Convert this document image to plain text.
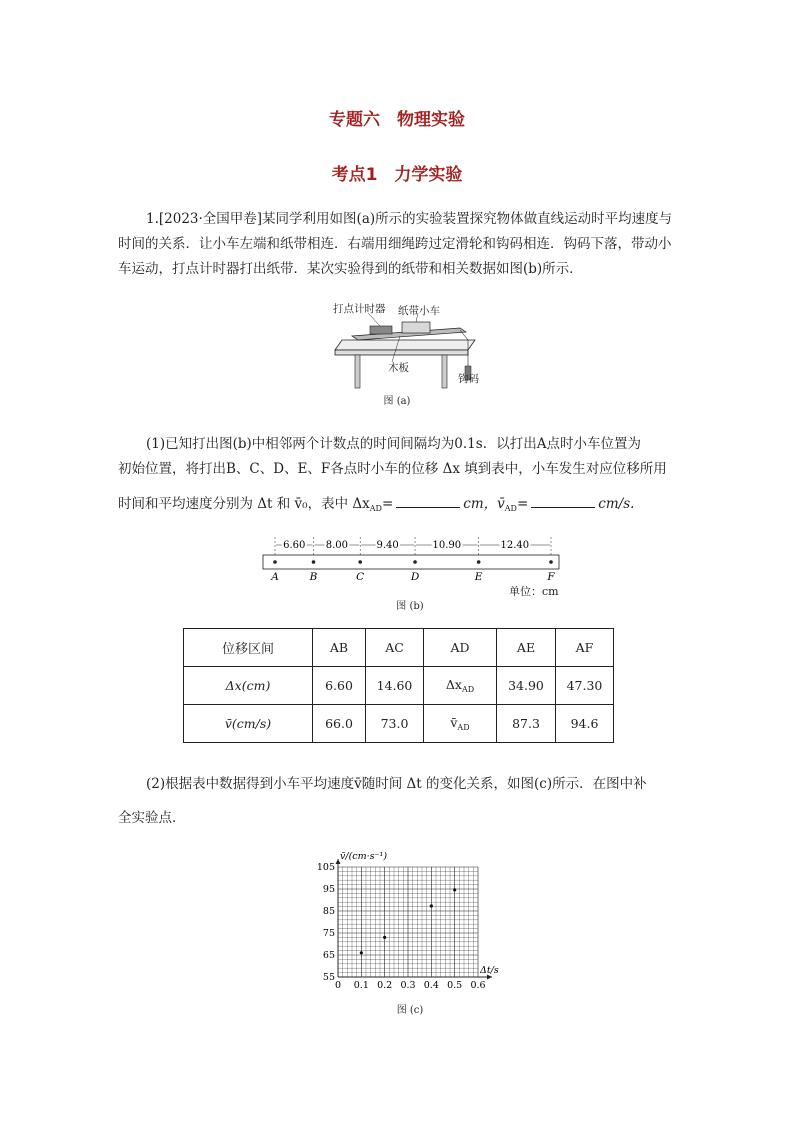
专题六　物理实验
考点1　力学实验
1.[2023·全国甲卷]某同学利用如图(a)所示的实验装置探究物体做直线运动时平均速度与时间的关系．让小车左端和纸带相连．右端用细绳跨过定滑轮和钩码相连．钩码下落，带动小车运动，打点计时器打出纸带．某次实验得到的纸带和相关数据如图(b)所示．
打点计时器 纸带小车
木板
钩码
图 (a)
(1)已知打出图(b)中相邻两个计数点的时间间隔均为0.1s．以打出A点时小车位置为
初始位置，将打出B、C、D、E、F各点时小车的位移 Δx 填到表中，小车发生对应位移所用
时间和平均速度分别为 Δt 和 v̄₀，表中 $\Delta x_{AD}=$	cm，$v̄_{AD}=$	cm/s.
6.60 8.00	9.40	10.90	12.40
A	B	C	D	E	F
单位：cm
图 (b)
位移区间	AB	AC	AD	AE	AF
Δx(cm)	6.60	14.60	$\Delta x_{AD}$	34.90	47.30
v̄(cm/s)	66.0	73.0	$v̄_{AD}$	87.3	94.6
(2)根据表中数据得到小车平均速度v̄随时间 Δt 的变化关系，如图(c)所示．在图中补
全实验点．
0 0.1 0.2 0.3 0.4 0.5 0.6
55
65
75
85
95
105
v̄/(cm·s⁻¹)
Δt/s
图 (c)
